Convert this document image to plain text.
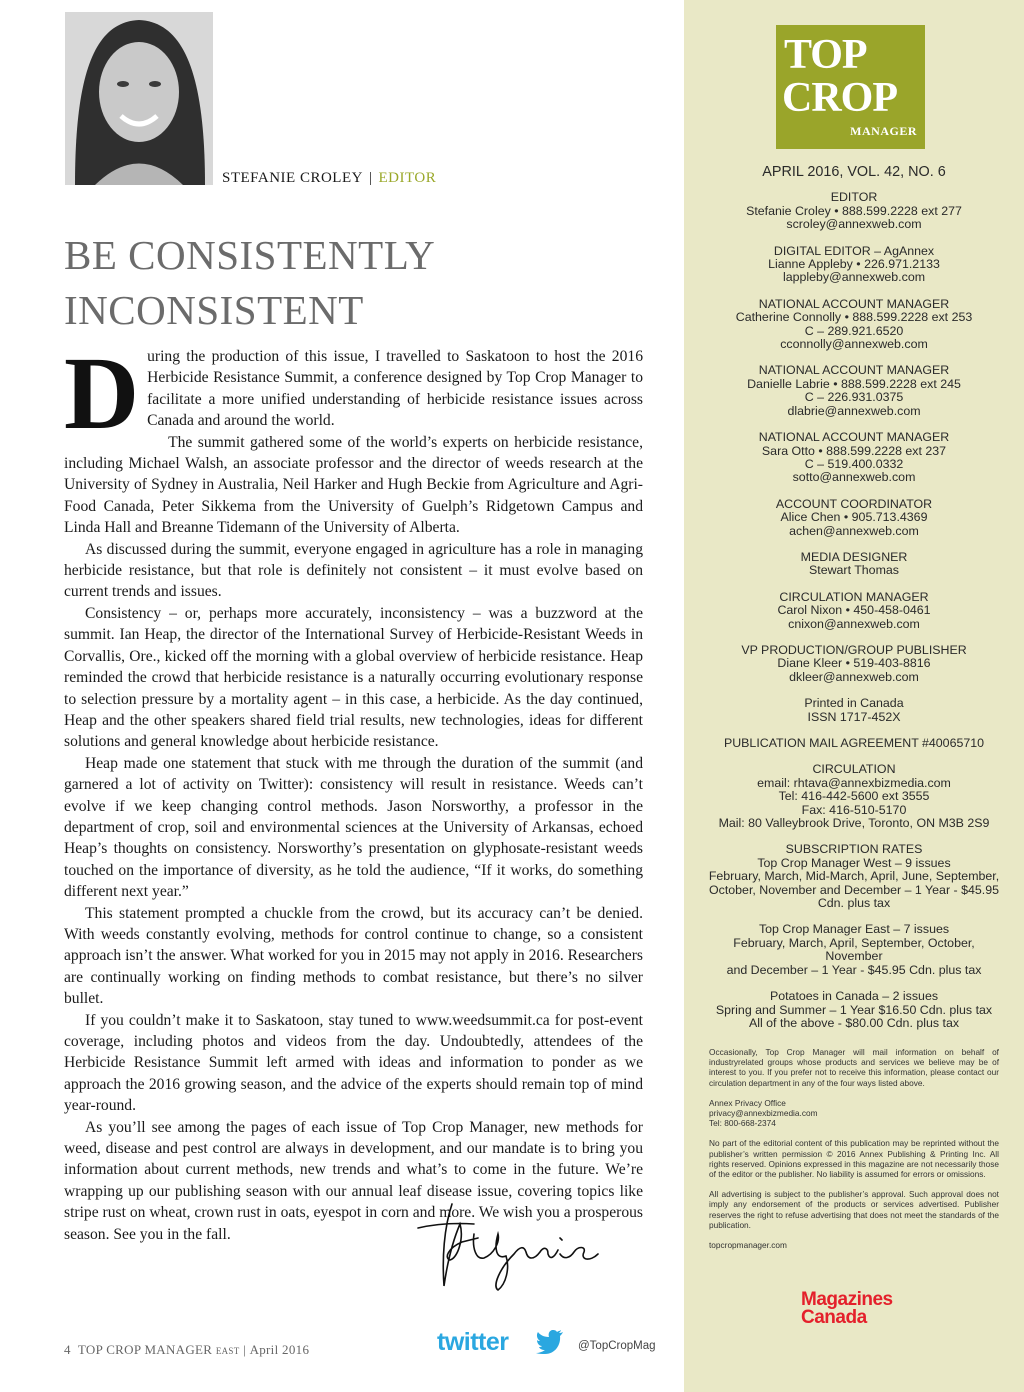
STEFANIE CROLEY | EDITOR
BE CONSISTENTLY
INCONSISTENT

During the production of this issue, I travelled to Saskatoon to host the 2016 Herbicide Resistance Summit, a conference designed by Top Crop Manager to facilitate a more unified understanding of herbicide resistance issues across Canada and around the world.

The summit gathered some of the world’s experts on herbicide resistance, including Michael Walsh, an associate professor and the director of weeds research at the University of Sydney in Australia, Neil Harker and Hugh Beckie from Agriculture and Agri-Food Canada, Peter Sikkema from the University of Guelph’s Ridgetown Campus and Linda Hall and Breanne Tidemann of the University of Alberta.

As discussed during the summit, everyone engaged in agriculture has a role in managing herbicide resistance, but that role is definitely not consistent – it must evolve based on current trends and issues.

Consistency – or, perhaps more accurately, inconsistency – was a buzzword at the summit. Ian Heap, the director of the International Survey of Herbicide-Resistant Weeds in Corvallis, Ore., kicked off the morning with a global overview of herbicide resistance. Heap reminded the crowd that herbicide resistance is a naturally occurring evolutionary response to selection pressure by a mortality agent – in this case, a herbicide. As the day continued, Heap and the other speakers shared field trial results, new technologies, ideas for different solutions and general knowledge about herbicide resistance.

Heap made one statement that stuck with me through the duration of the summit (and garnered a lot of activity on Twitter): consistency will result in resistance. Weeds can’t evolve if we keep changing control methods. Jason Norsworthy, a professor in the department of crop, soil and environmental sciences at the University of Arkansas, echoed Heap’s thoughts on consistency. Norsworthy’s presentation on glyphosate-resistant weeds touched on the importance of diversity, as he told the audience, “If it works, do something different next year.”

This statement prompted a chuckle from the crowd, but its accuracy can’t be denied. With weeds constantly evolving, methods for control continue to change, so a consistent approach isn’t the answer. What worked for you in 2015 may not apply in 2016. Researchers are continually working on finding methods to combat resistance, but there’s no silver bullet.

If you couldn’t make it to Saskatoon, stay tuned to www.weedsummit.ca for post-event coverage, including photos and videos from the day. Undoubtedly, attendees of the Herbicide Resistance Summit left armed with ideas and information to ponder as we approach the 2016 growing season, and the advice of the experts should remain top of mind year-round.

As you’ll see among the pages of each issue of Top Crop Manager, new methods for weed, disease and pest control are always in development, and our mandate is to bring you information about current methods, new trends and what’s to come in the future. We’re wrapping up our publishing season with our annual leaf disease issue, covering topics like stripe rust on wheat, crown rust in oats, eyespot in corn and more. We wish you a prosperous season. See you in the fall.

4 TOP CROP MANAGER EAST | April 2016	twitter	@TopCropMag
TOP
CROP
MANAGER
APRIL 2016, VOL. 42, NO. 6
EDITOR
Stefanie Croley • 888.599.2228 ext 277
scroley@annexweb.com
DIGITAL EDITOR – AgAnnex
Lianne Appleby • 226.971.2133
lappleby@annexweb.com
NATIONAL ACCOUNT MANAGER
Catherine Connolly • 888.599.2228 ext 253
C – 289.921.6520
cconnolly@annexweb.com
NATIONAL ACCOUNT MANAGER
Danielle Labrie • 888.599.2228 ext 245
C – 226.931.0375
dlabrie@annexweb.com
NATIONAL ACCOUNT MANAGER
Sara Otto • 888.599.2228 ext 237
C – 519.400.0332
sotto@annexweb.com
ACCOUNT COORDINATOR
Alice Chen • 905.713.4369
achen@annexweb.com
MEDIA DESIGNER
Stewart Thomas
CIRCULATION MANAGER
Carol Nixon • 450-458-0461
cnixon@annexweb.com
VP PRODUCTION/GROUP PUBLISHER
Diane Kleer • 519-403-8816
dkleer@annexweb.com
Printed in Canada
ISSN 1717-452X
PUBLICATION MAIL AGREEMENT #40065710
CIRCULATION
email: rhtava@annexbizmedia.com
Tel: 416-442-5600 ext 3555
Fax: 416-510-5170
Mail: 80 Valleybrook Drive, Toronto, ON M3B 2S9
SUBSCRIPTION RATES
Top Crop Manager West – 9 issues
February, March, Mid-March, April, June, September,
October, November and December – 1 Year - $45.95
Cdn. plus tax
Top Crop Manager East – 7 issues
February, March, April, September, October,
November
and December – 1 Year - $45.95 Cdn. plus tax
Potatoes in Canada – 2 issues
Spring and Summer – 1 Year $16.50 Cdn. plus tax
All of the above - $80.00 Cdn. plus tax

Occasionally, Top Crop Manager will mail information on behalf of industryrelated groups whose products and services we believe may be of interest to you. If you prefer not to receive this information, please contact our circulation department in any of the four ways listed above.

Annex Privacy Office
privacy@annexbizmedia.com
Tel: 800-668-2374

No part of the editorial content of this publication may be reprinted without the publisher’s written permission © 2016 Annex Publishing & Printing Inc. All rights reserved. Opinions expressed in this magazine are not necessarily those of the editor or the publisher. No liability is assumed for errors or omissions.

All advertising is subject to the publisher’s approval. Such approval does not imply any endorsement of the products or services advertised. Publisher reserves the right to refuse advertising that does not meet the standards of the publication.

topcropmanager.com

Magazines
Canada
